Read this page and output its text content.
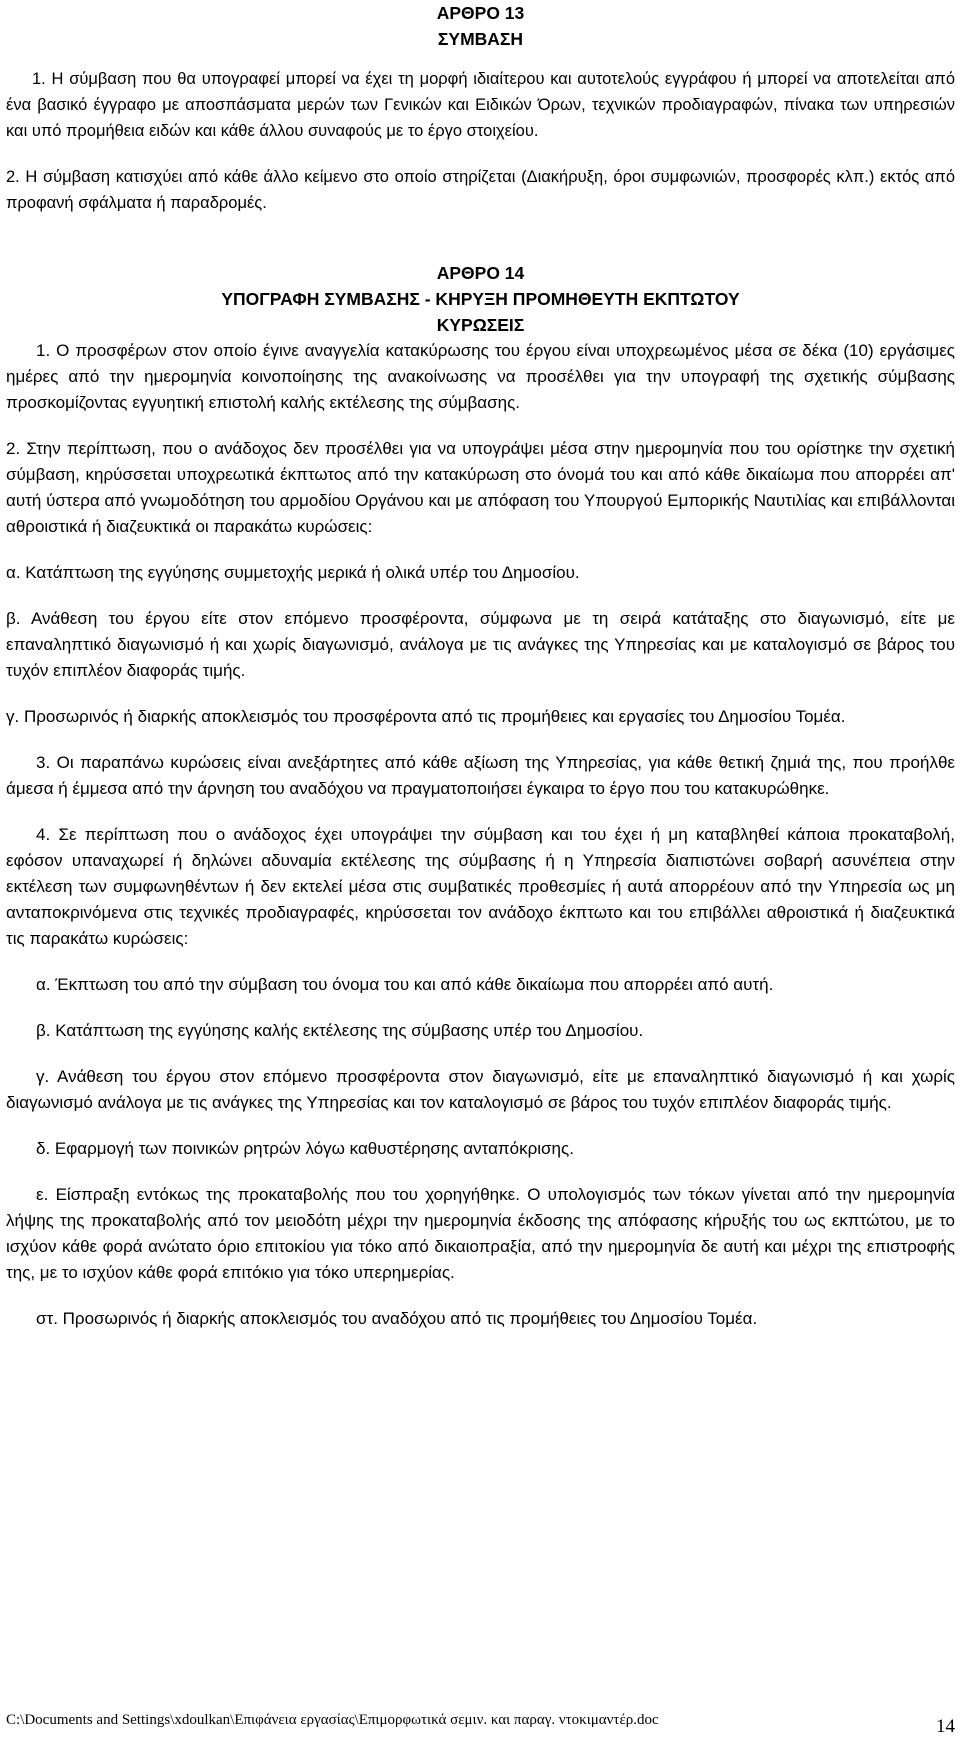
ΑΡΘΡΟ 13
ΣΥΜΒΑΣΗ

1. Η σύμβαση που θα υπογραφεί μπορεί να έχει τη μορφή ιδιαίτερου και αυτοτελούς εγγράφου ή μπορεί να αποτελείται από ένα βασικό έγγραφο με αποσπάσματα μερών των Γενικών και Ειδικών Όρων, τεχνικών προδιαγραφών, πίνακα των υπηρεσιών και υπό προμήθεια ειδών και κάθε άλλου συναφούς με το έργο στοιχείου.

2. Η σύμβαση κατισχύει από κάθε άλλο κείμενο στο οποίο στηρίζεται (Διακήρυξη, όροι συμφωνιών, προσφορές κλπ.) εκτός από προφανή σφάλματα ή παραδρομές.

ΑΡΘΡΟ 14
ΥΠΟΓΡΑΦΗ ΣΥΜΒΑΣΗΣ - ΚΗΡΥΞΗ ΠΡΟΜΗΘΕΥΤΗ ΕΚΠΤΩΤΟΥ
ΚΥΡΩΣΕΙΣ

1. Ο προσφέρων στον οποίο έγινε αναγγελία κατακύρωσης του έργου είναι υποχρεωμένος μέσα σε δέκα (10) εργάσιμες ημέρες από την ημερομηνία κοινοποίησης της ανακοίνωσης να προσέλθει για την υπογραφή της σχετικής σύμβασης προσκομίζοντας εγγυητική επιστολή καλής εκτέλεσης της σύμβασης.

2. Στην περίπτωση, που ο ανάδοχος δεν προσέλθει για να υπογράψει μέσα στην ημερομηνία που του ορίστηκε την σχετική σύμβαση, κηρύσσεται υποχρεωτικά έκπτωτος από την κατακύρωση στο όνομά του και από κάθε δικαίωμα που απορρέει απ' αυτή ύστερα από γνωμοδότηση του αρμοδίου Οργάνου και με απόφαση του Υπουργού Εμπορικής Ναυτιλίας και επιβάλλονται αθροιστικά ή διαζευκτικά οι παρακάτω κυρώσεις:

α. Κατάπτωση της εγγύησης συμμετοχής μερικά ή ολικά υπέρ του Δημοσίου.

β. Ανάθεση του έργου είτε στον επόμενο προσφέροντα, σύμφωνα με τη σειρά κατάταξης στο διαγωνισμό, είτε με επαναληπτικό διαγωνισμό ή και χωρίς διαγωνισμό, ανάλογα με τις ανάγκες της Υπηρεσίας και με καταλογισμό σε βάρος του τυχόν επιπλέον διαφοράς τιμής.

γ. Προσωρινός ή διαρκής αποκλεισμός του προσφέροντα από τις προμήθειες και εργασίες του Δημοσίου Τομέα.

3. Οι παραπάνω κυρώσεις είναι ανεξάρτητες από κάθε αξίωση της Υπηρεσίας, για κάθε θετική ζημιά της, που προήλθε άμεσα ή έμμεσα από την άρνηση του αναδόχου να πραγματοποιήσει έγκαιρα το έργο που του κατακυρώθηκε.

4. Σε περίπτωση που ο ανάδοχος έχει υπογράψει την σύμβαση και του έχει ή μη καταβληθεί κάποια προκαταβολή, εφόσον υπαναχωρεί ή δηλώνει αδυναμία εκτέλεσης της σύμβασης ή η Υπηρεσία διαπιστώνει σοβαρή ασυνέπεια στην εκτέλεση των συμφωνηθέντων ή δεν εκτελεί μέσα στις συμβατικές προθεσμίες ή αυτά απορρέουν από την Υπηρεσία ως μη ανταποκρινόμενα στις τεχνικές προδιαγραφές, κηρύσσεται τον ανάδοχο έκπτωτο και του επιβάλλει αθροιστικά ή διαζευκτικά τις παρακάτω κυρώσεις:

α. Έκπτωση του από την σύμβαση του όνομα του και από κάθε δικαίωμα που απορρέει από αυτή.

β. Κατάπτωση της εγγύησης καλής εκτέλεσης της σύμβασης υπέρ του Δημοσίου.

γ. Ανάθεση του έργου στον επόμενο προσφέροντα στον διαγωνισμό, είτε με επαναληπτικό διαγωνισμό ή και χωρίς διαγωνισμό ανάλογα με τις ανάγκες της Υπηρεσίας και τον καταλογισμό σε βάρος του τυχόν επιπλέον διαφοράς τιμής.

δ. Εφαρμογή των ποινικών ρητρών λόγω καθυστέρησης ανταπόκρισης.

ε. Είσπραξη εντόκως της προκαταβολής που του χορηγήθηκε. Ο υπολογισμός των τόκων γίνεται από την ημερομηνία λήψης της προκαταβολής από τον μειοδότη μέχρι την ημερομηνία έκδοσης της απόφασης κήρυξής του ως εκπτώτου, με το ισχύον κάθε φορά ανώτατο όριο επιτοκίου για τόκο από δικαιοπραξία, από την ημερομηνία δε αυτή και μέχρι της επιστροφής της, με το ισχύον κάθε φορά επιτόκιο για τόκο υπερημερίας.

στ. Προσωρινός ή διαρκής αποκλεισμός του αναδόχου από τις προμήθειες του Δημοσίου Τομέα.

C:\Documents and Settings\xdoulkan\Επιφάνεια εργασίας\Επιμορφωτικά σεμιν. και παραγ. ντοκιμαντέρ.doc	14
